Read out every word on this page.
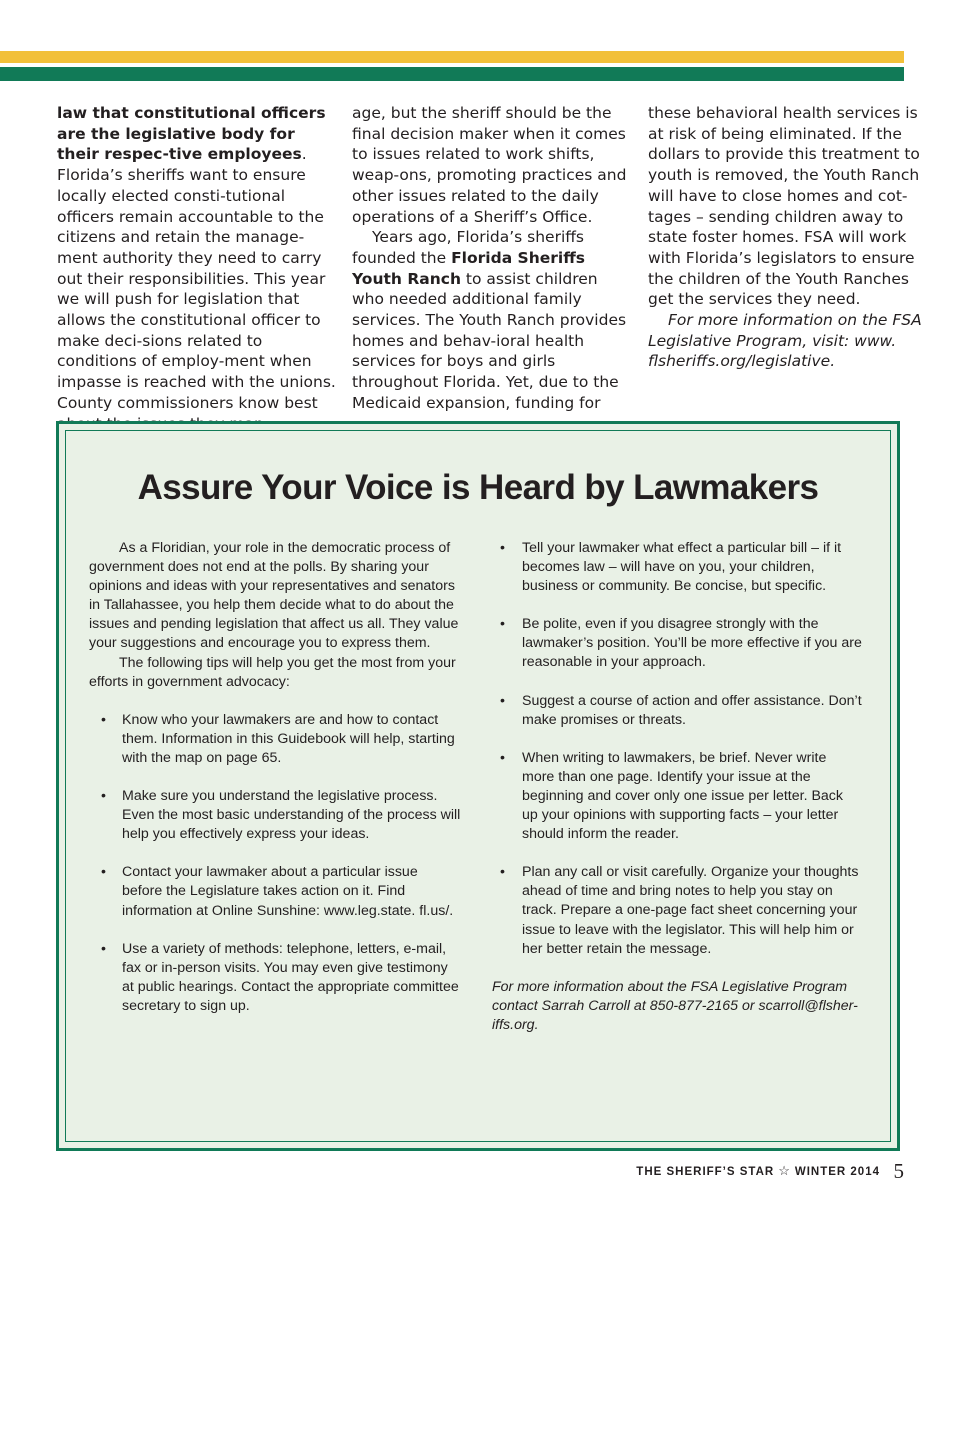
law that constitutional officers are the legislative body for their respec-tive employees. Florida’s sheriffs want to ensure locally elected consti-tutional officers remain accountable to the citizens and retain the manage-ment authority they need to carry out their responsibilities. This year we will push for legislation that allows the constitutional officer to make deci-sions related to conditions of employ-ment when impasse is reached with the unions. County commissioners know best

age, but the sheriff should be the final decision maker when it comes to issues related to work shifts, weap-ons, promoting practices and other issues related to the daily operations of a Sheriff’s Office.

Years ago, Florida’s sheriffs founded the Florida Sheriffs Youth Ranch to assist children who needed additional family services. The Youth Ranch provides homes and behav-ioral health services for boys and girls throughout Florida. Yet, due to the Medicaid expansion, funding for

these behavioral health services is at risk of being eliminated. If the dollars to provide this treatment to youth is removed, the Youth Ranch will have to close homes and cot-tages – sending children away to state foster homes. FSA will work with Florida’s legislators to ensure the children of the Youth Ranches get the services they need.

For more information on the FSA Legislative Program, visit: www. flsheriffs.org/legislative.

Assure Your Voice is Heard by Lawmakers

As a Floridian, your role in the democratic process of government does not end at the polls. By sharing your opinions and ideas with your representatives and senators in Tallahassee, you help them decide what to do about the issues and pending legislation that affect us all. They value your suggestions and encourage you to express them.

The following tips will help you get the most from your efforts in government advocacy:

• Know who your lawmakers are and how to contact them. Information in this Guidebook will help, starting with the map on page 65.
• Make sure you understand the legislative process. Even the most basic understanding of the process will help you effectively express your ideas.
• Contact your lawmaker about a particular issue before the Legislature takes action on it. Find information at Online Sunshine: www.leg.state. fl.us/.
• Use a variety of methods: telephone, letters, e-mail, fax or in-person visits. You may even give testimony at public hearings. Contact the appropriate committee secretary to sign up.
• Tell your lawmaker what effect a particular bill – if it becomes law – will have on you, your children, business or community. Be concise, but specific.
• Be polite, even if you disagree strongly with the lawmaker’s position. You’ll be more effective if you are reasonable in your approach.
• Suggest a course of action and offer assistance. Don’t make promises or threats.
• When writing to lawmakers, be brief. Never write more than one page. Identify your issue at the beginning and cover only one issue per letter. Back up your opinions with supporting facts – your letter should inform the reader.
• Plan any call or visit carefully. Organize your thoughts ahead of time and bring notes to help you stay on track. Prepare a one-page fact sheet concerning your issue to leave with the legislator. This will help him or her better retain the message.

For more information about the FSA Legislative Program contact Sarrah Carroll at 850-877-2165 or scarroll@flsher-iffs.org.

THE SHERIFF’S STAR ☆ WINTER 2014 5
